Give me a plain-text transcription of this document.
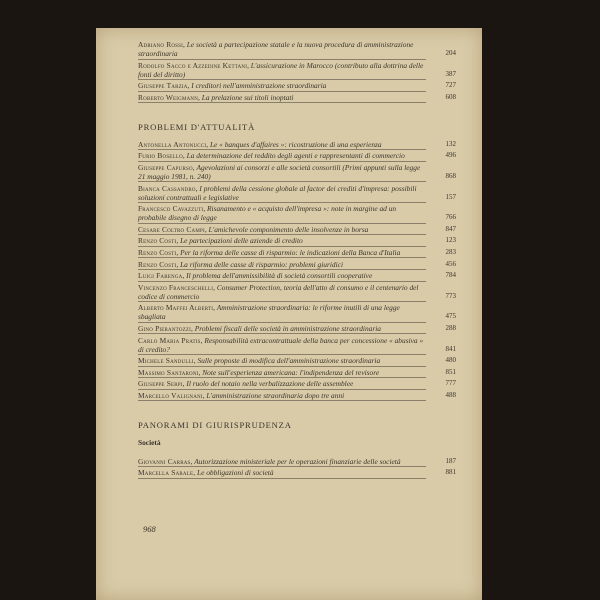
Adriano Rossi, Le società a partecipazione statale e la nuova procedura di amministrazione straordinaria	204
Rodolfo Sacco e Azzedine Kettani, L'assicurazione in Marocco (contributo alla dottrina delle fonti del diritto)	387
Giuseppe Tarzia, I creditori nell'amministrazione straordinaria	727
Roberto Weigmann, La prelazione sui titoli inoptati	608
PROBLEMI D'ATTUALITÀ
Antonella Antonucci, Le « banques d'affaires »: ricostruzione di una esperienza	132
Furio Bosello, La determinazione del reddito degli agenti e rappresentanti di commercio	496
Giuseppe Capurso, Agevolazioni ai consorzi e alle società consortili (Primi appunti sulla legge 21 maggio 1981, n. 240)	868
Bianca Cassandro, I problemi della cessione globale al factor dei crediti d'impresa: possibili soluzioni contrattuali e legislative	157
Francesco Cavazzuti, Risanamento e « acquisto dell'impresa »: note in margine ad un probabile disegno di legge	766
Cesare Coltro Campi, L'amichevole componimento delle insolvenze in borsa	847
Renzo Costi, Le partecipazioni delle aziende di credito	123
Renzo Costi, Per la riforma delle casse di risparmio: le indicazioni della Banca d'Italia	283
Renzo Costi, La riforma delle casse di risparmio: problemi giuridici	456
Luigi Farenga, Il problema dell'ammissibilità di società consortili cooperative	784
Vincenzo Franceschelli, Consumer Protection, teoria dell'atto di consumo e il centenario del codice di commercio	773
Alberto Maffei Alberti, Amministrazione straordinaria: le riforme inutili di una legge sbagliata	475
Gino Pierantozzi, Problemi fiscali delle società in amministrazione straordinaria	288
Carlo Maria Pratis, Responsabilità extracontrattuale della banca per concessione « abusiva » di credito?	841
Michele Sandulli, Sulle proposte di modifica dell'amministrazione straordinaria	480
Massimo Santaroni, Note sull'esperienza americana: l'indipendenza del revisore	851
Giuseppe Serpi, Il ruolo del notaio nella verbalizzazione delle assemblee	777
Marcello Valignani, L'amministrazione straordinaria dopo tre anni	488
PANORAMI DI GIURISPRUDENZA
Società
Giovanni Carras, Autorizzazione ministeriale per le operazioni finanziarie delle società	187
Marcella Sarale, Le obbligazioni di società	881
968
